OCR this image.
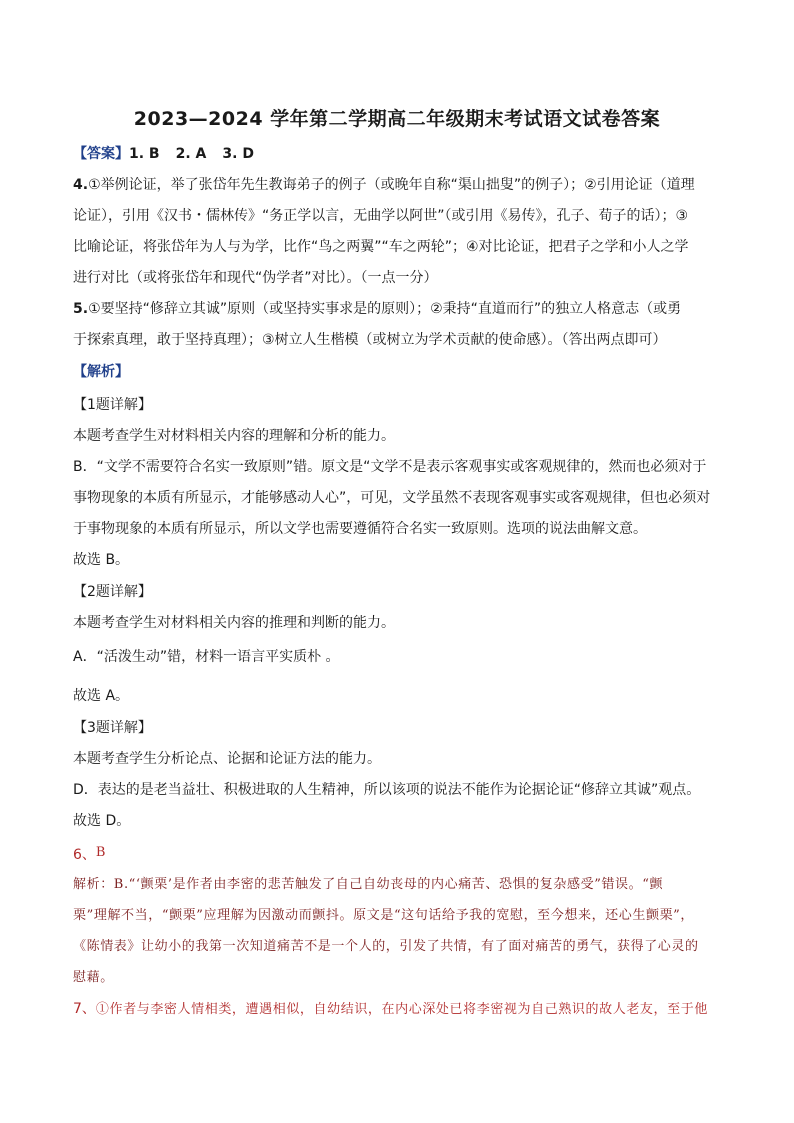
2023—2024 学年第二学期高二年级期末考试语文试卷答案
【答案】1. B 2. A 3. D
4.①举例论证，举了张岱年先生教诲弟子的例子（或晚年自称“渠山拙叟”的例子）；②引用论证（道理
论证），引用《汉书・儒林传》“务正学以言，无曲学以阿世”（或引用《易传》，孔子、荀子的话）；③
比喻论证，将张岱年为人与为学，比作“鸟之两翼”“车之两轮”；④对比论证，把君子之学和小人之学
进行对比（或将张岱年和现代“伪学者”对比）。（一点一分）
5.①要坚持“修辞立其诚”原则（或坚持实事求是的原则）；②秉持“直道而行”的独立人格意志（或勇
于探索真理，敢于坚持真理）；③树立人生楷模（或树立为学术贡献的使命感）。（答出两点即可）
【解析】
【1题详解】
本题考查学生对材料相关内容的理解和分析的能力。
B．“文学不需要符合名实一致原则”错。原文是“文学不是表示客观事实或客观规律的，然而也必须对于
事物现象的本质有所显示，才能够感动人心”，可见，文学虽然不表现客观事实或客观规律，但也必须对
于事物现象的本质有所显示，所以文学也需要遵循符合名实一致原则。选项的说法曲解文意。
故选 B。
【2题详解】
本题考查学生对材料相关内容的推理和判断的能力。
A．“活泼生动”错，材料一语言平实质朴 。
故选 A。
【3题详解】
本题考查学生分析论点、论据和论证方法的能力。
D．表达的是老当益壮、积极进取的人生精神，所以该项的说法不能作为论据论证“修辞立其诚”观点。
故选 D。
6、B
解析：B.“‘颤栗’是作者由李密的悲苦触发了自己自幼丧母的内心痛苦、恐惧的复杂感受”错误。“颤
栗”理解不当，“颤栗”应理解为因激动而颤抖。原文是“这句话给予我的宽慰，至今想来，还心生颤栗”，
《陈情表》让幼小的我第一次知道痛苦不是一个人的，引发了共情，有了面对痛苦的勇气，获得了心灵的
慰藉。
7、①作者与李密人情相类，遭遇相似，自幼结识，在内心深处已将李密视为自己熟识的故人老友，至于他
